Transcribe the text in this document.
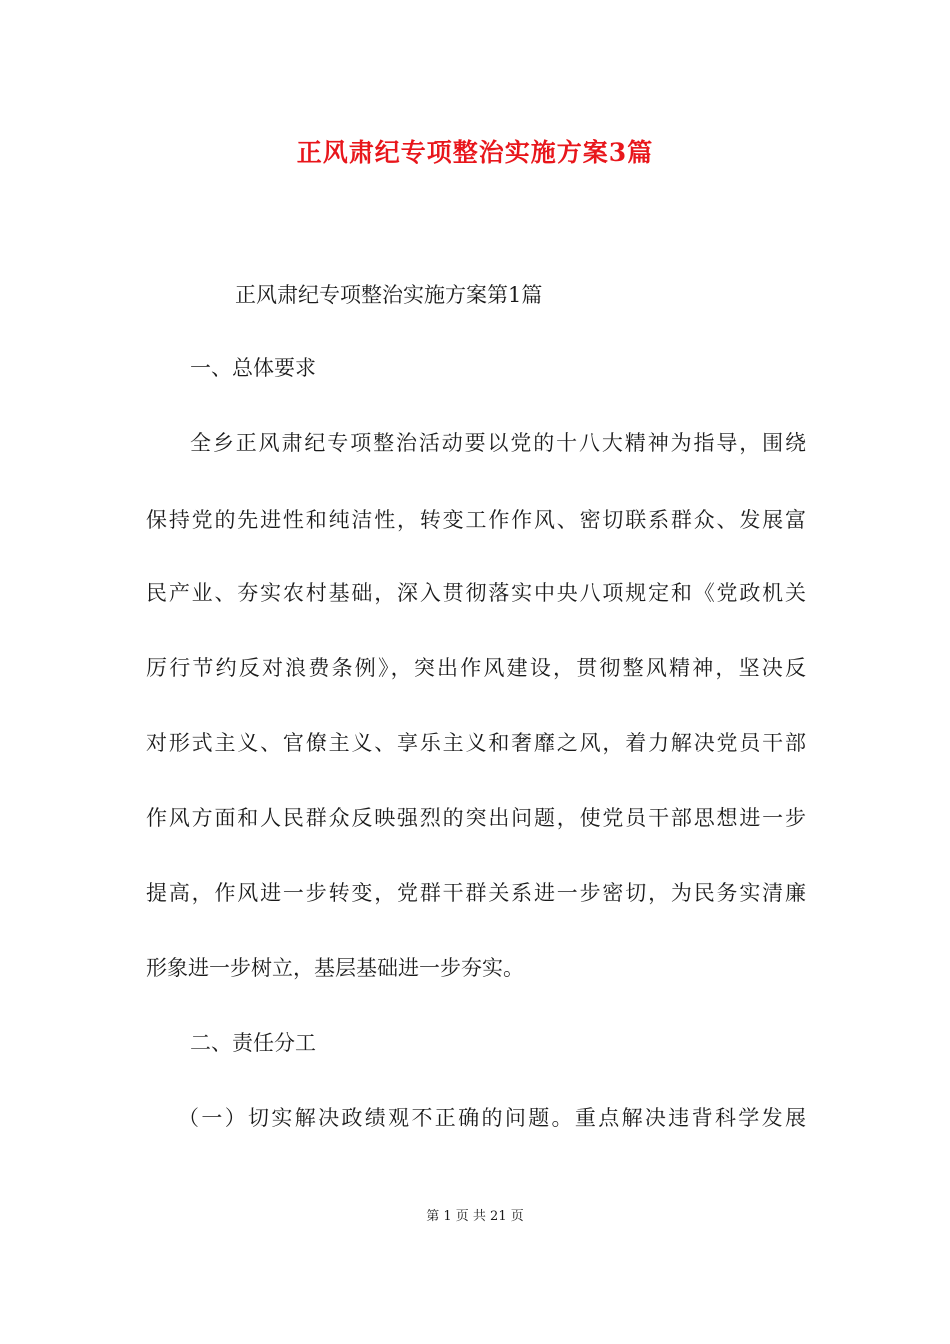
正风肃纪专项整治实施方案3篇
正风肃纪专项整治实施方案第1篇
一、总体要求
全乡正风肃纪专项整治活动要以党的十八大精神为指导，围绕
保持党的先进性和纯洁性，转变工作作风、密切联系群众、发展富
民产业、夯实农村基础，深入贯彻落实中央八项规定和《党政机关
厉行节约反对浪费条例》，突出作风建设，贯彻整风精神，坚决反
对形式主义、官僚主义、享乐主义和奢靡之风，着力解决党员干部
作风方面和人民群众反映强烈的突出问题，使党员干部思想进一步
提高，作风进一步转变，党群干群关系进一步密切，为民务实清廉
形象进一步树立，基层基础进一步夯实。
二、责任分工
（一）切实解决政绩观不正确的问题。重点解决违背科学发展
第 1 页 共 21 页
